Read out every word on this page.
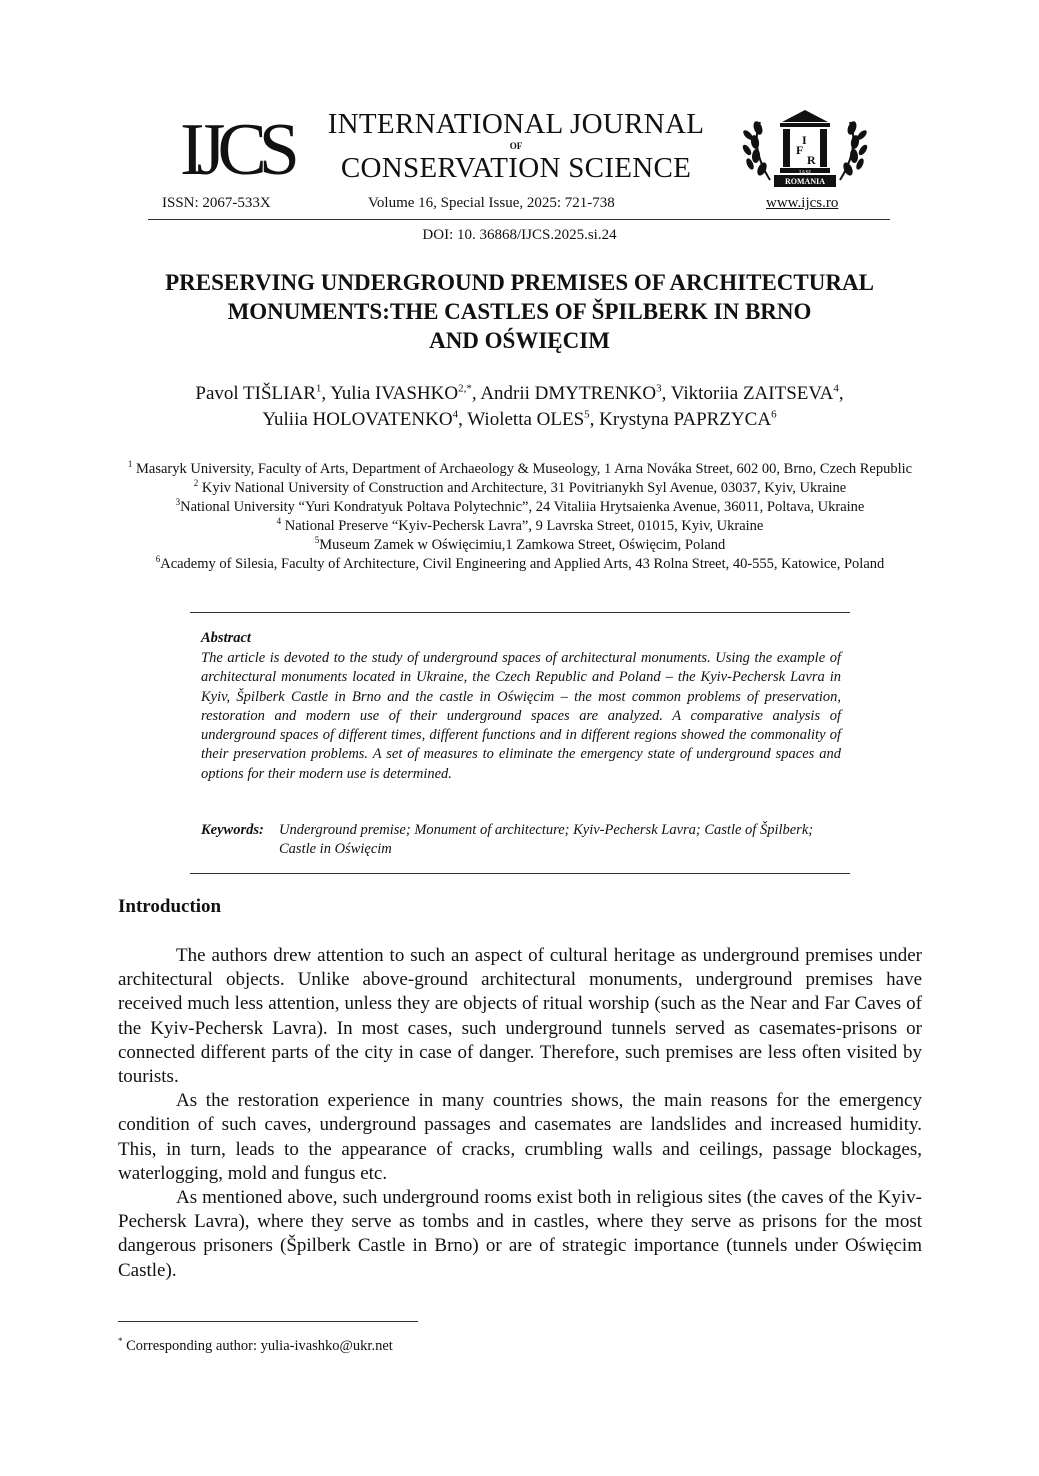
IJCS	INTERNATIONAL JOURNAL
OF
CONSERVATION SCIENCE
F
I
R
IAȘI
ROMANIA
ISSN: 2067-533X	Volume 16, Special Issue, 2025: 721-738	www.ijcs.ro
DOI: 10. 36868/IJCS.2025.si.24
PRESERVING UNDERGROUND PREMISES OF ARCHITECTURAL
MONUMENTS:THE CASTLES OF ŠPILBERK IN BRNO
AND OŚWIĘCIM
Pavol TIŠLIAR$^1$, Yulia $IVASHKO^{2,*}$, Andrii DMYTRENKO$^3$, Viktoriia ZAITSEVA$^4$,
Yuliia HOLOVATENKO$^4$, Wioletta OLES$^5$, Krystyna PAPRZYCA$^6$
$^1$ Masaryk University, Faculty of Arts, Department of Archaeology & Museology, 1 Arna Nováka Street, 602 00, Brno, Czech Republic
$^2$ Kyiv National University of Construction and Architecture, 31 Povitrianykh Syl Avenue, 03037, Kyiv, Ukraine
$^3$National University “Yuri Kondratyuk Poltava Polytechnic”, 24 Vitaliia Hrytsaienka Avenue, 36011, Poltava, Ukraine
$^4$ National Preserve “Kyiv-Pechersk Lavra”, 9 Lavrska Street, 01015, Kyiv, Ukraine
$^5$Museum Zamek w Oświęcimiu,1 Zamkowa Street, Oświęcim, Poland
$^6$Academy of Silesia, Faculty of Architecture, Civil Engineering and Applied Arts, 43 Rolna Street, 40-555, Katowice, Poland
Abstract
The article is devoted to the study of underground spaces of architectural monuments. Using the example of architectural monuments located in Ukraine, the Czech Republic and Poland – the Kyiv-Pechersk Lavra in Kyiv, Špilberk Castle in Brno and the castle in Oświęcim – the most common problems of preservation, restoration and modern use of their underground spaces are analyzed. A comparative analysis of underground spaces of different times, different functions and in different regions showed the commonality of their preservation problems. A set of measures to eliminate the emergency state of underground spaces and options for their modern use is determined.
Keywords:	Underground premise; Monument of architecture; Kyiv-Pechersk Lavra; Castle of Špilberk; Castle in Oświęcim
Introduction

The authors drew attention to such an aspect of cultural heritage as underground premises under architectural objects. Unlike above-ground architectural monuments, underground premises have received much less attention, unless they are objects of ritual worship (such as the Near and Far Caves of the Kyiv-Pechersk Lavra). In most cases, such underground tunnels served as casemates-prisons or connected different parts of the city in case of danger. Therefore, such premises are less often visited by tourists.

As the restoration experience in many countries shows, the main reasons for the emergency condition of such caves, underground passages and casemates are landslides and increased humidity. This, in turn, leads to the appearance of cracks, crumbling walls and ceilings, passage blockages, waterlogging, mold and fungus etc.

As mentioned above, such underground rooms exist both in religious sites (the caves of the Kyiv-Pechersk Lavra), where they serve as tombs and in castles, where they serve as prisons for the most dangerous prisoners (Špilberk Castle in Brno) or are of strategic importance (tunnels under Oświęcim Castle).

* Corresponding author: yulia-ivashko@ukr.net
